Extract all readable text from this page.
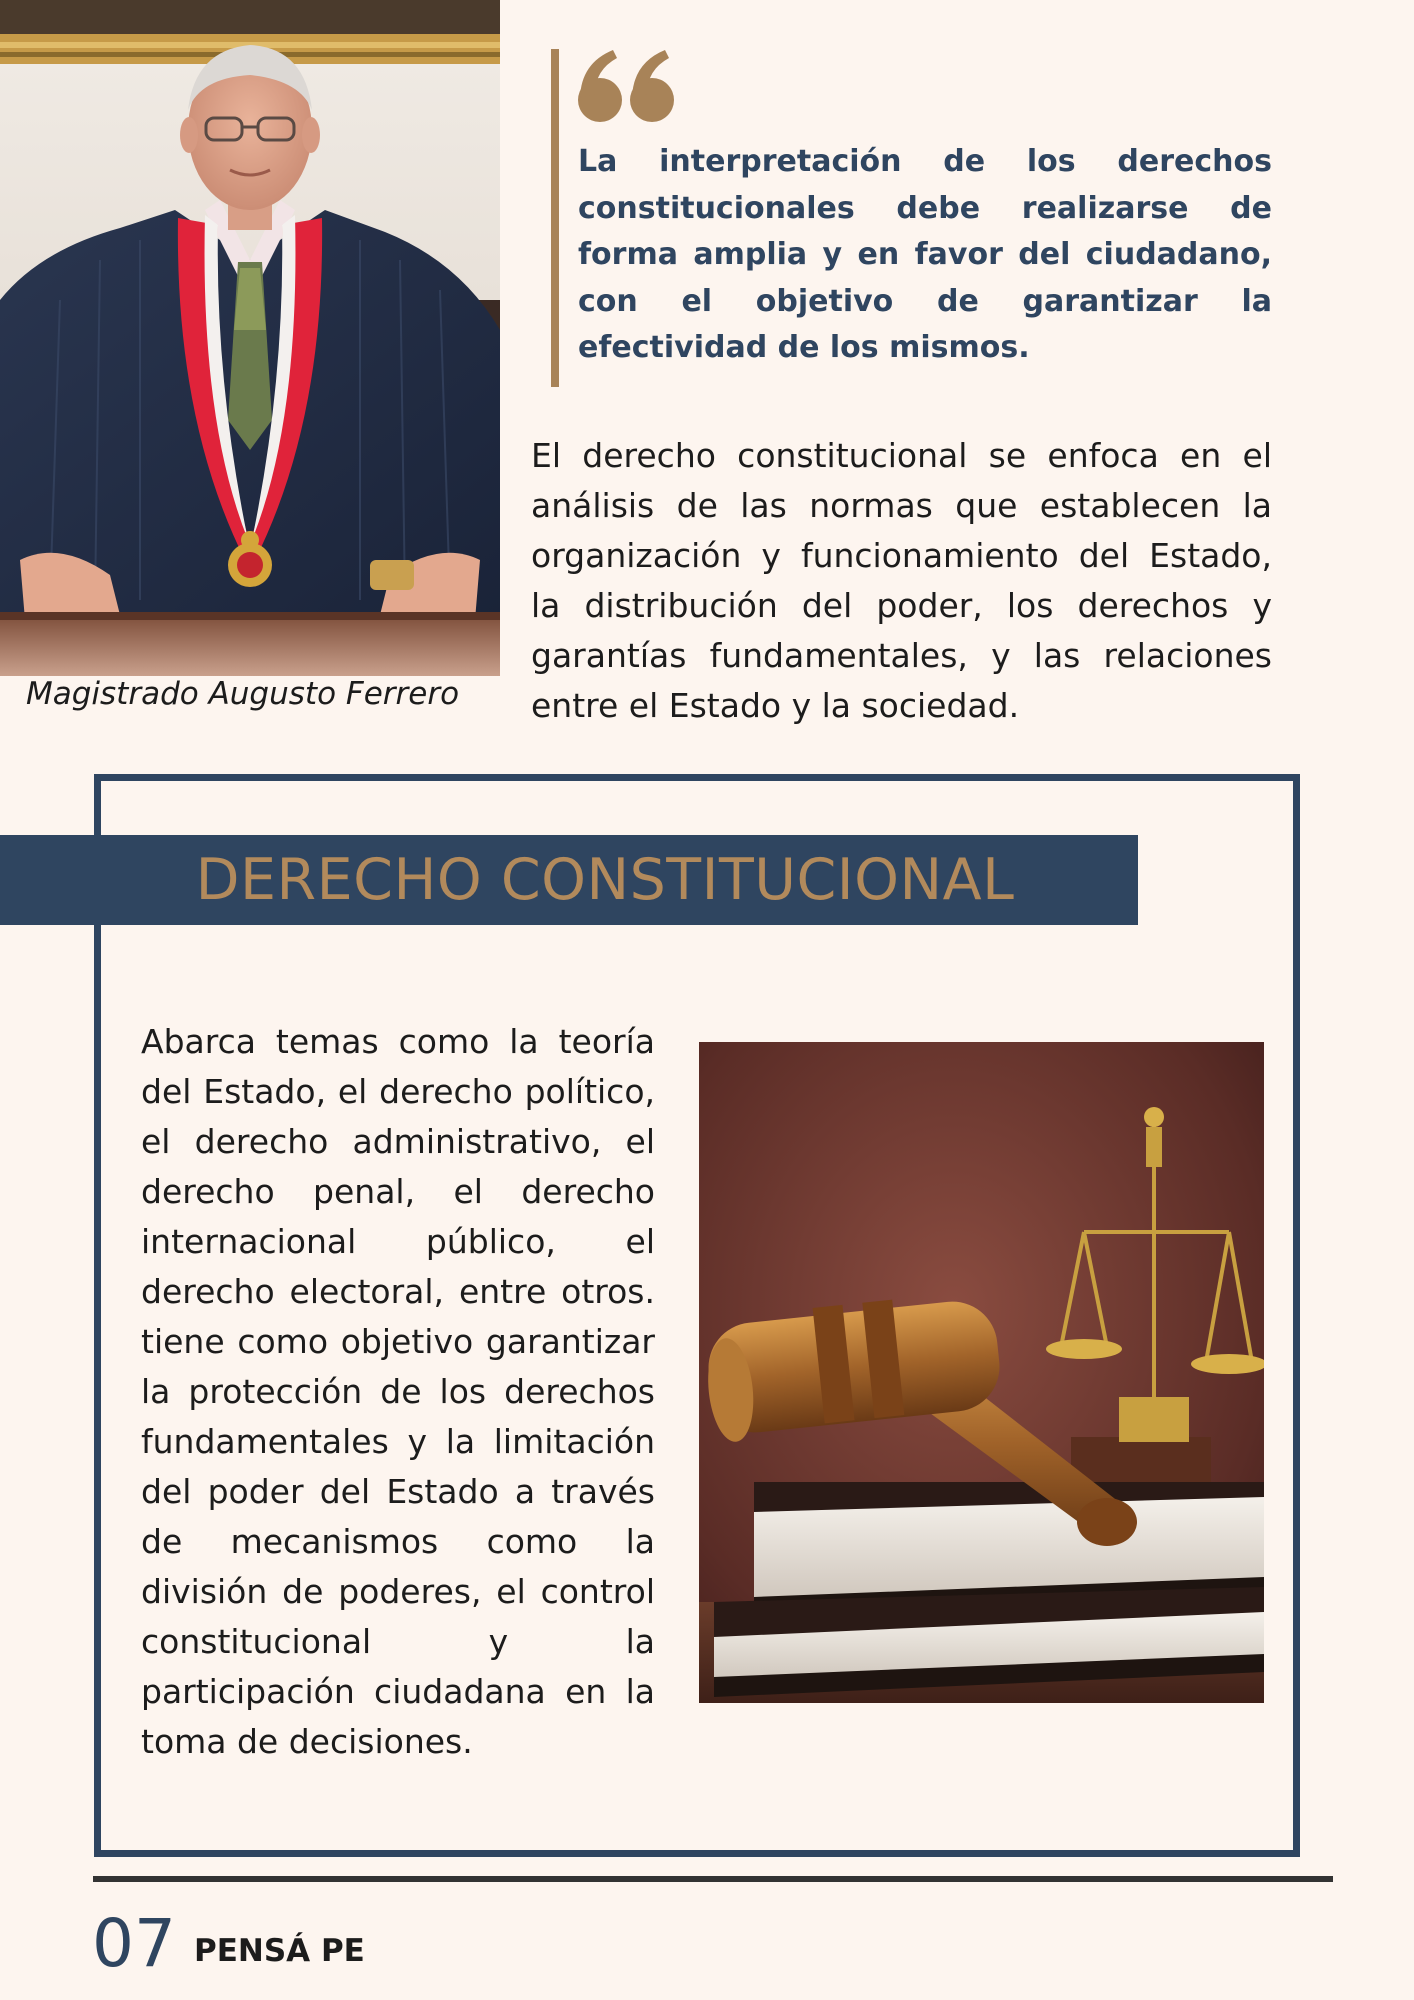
Magistrado Augusto Ferrero
La interpretación de los derechos constitucionales debe realizarse de forma amplia y en favor del ciudadano, con el objetivo de garantizar la efectividad de los mismos.
El derecho constitucional se enfoca en el análisis de las normas que establecen la organización y funcionamiento del Estado, la distribución del poder, los derechos y garantías fundamentales, y las relaciones entre el Estado y la sociedad.
DERECHO CONSTITUCIONAL
Abarca temas como la teoría del Estado, el derecho político, el derecho administrativo, el derecho penal, el derecho internacional público, el derecho electoral, entre otros. tiene como objetivo garantizar la protección de los derechos fundamentales y la limitación del poder del Estado a través de mecanismos como la división de poderes, el control constitucional y la participación ciudadana en la toma de decisiones.
07 PENSÁ PE
